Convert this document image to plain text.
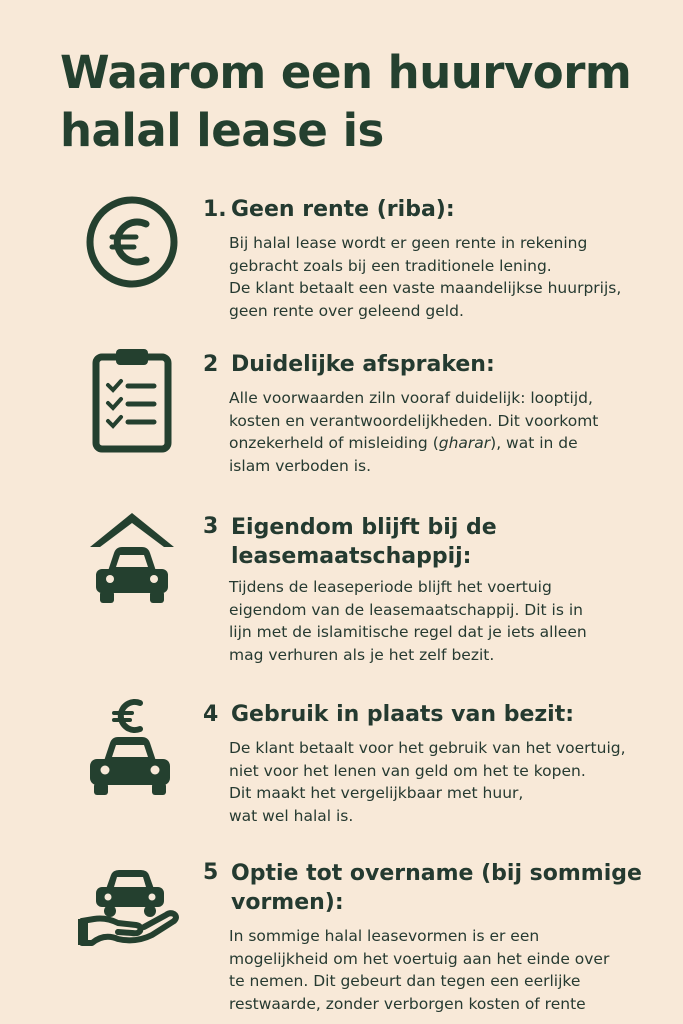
Waarom een huurvorm
halal lease is
1. Geen rente (riba):

Bij halal lease wordt er geen rente in rekening
gebracht zoals bij een traditionele lening.
De klant betaalt een vaste maandelijkse huurprijs,
geen rente over geleend geld.

2 Duidelijke afspraken:

Alle voorwaarden ziln vooraf duidelijk: looptijd,
kosten en verantwoordelijkheden. Dit voorkomt
onzekerheld of misleiding (gharar), wat in de
islam verboden is.

3 Eigendom blijft bij de
leasemaatschappij:

Tijdens de leaseperiode blijft het voertuig
eigendom van de leasemaatschappij. Dit is in
lijn met de islamitische regel dat je iets alleen
mag verhuren als je het zelf bezit.

4 Gebruik in plaats van bezit:

De klant betaalt voor het gebruik van het voertuig,
niet voor het lenen van geld om het te kopen.
Dit maakt het vergelijkbaar met huur,
wat wel halal is.

5 Optie tot overname (bij sommige
vormen):

In sommige halal leasevormen is er een
mogelijkheid om het voertuig aan het einde over
te nemen. Dit gebeurt dan tegen een eerlijke
restwaarde, zonder verborgen kosten of rente
